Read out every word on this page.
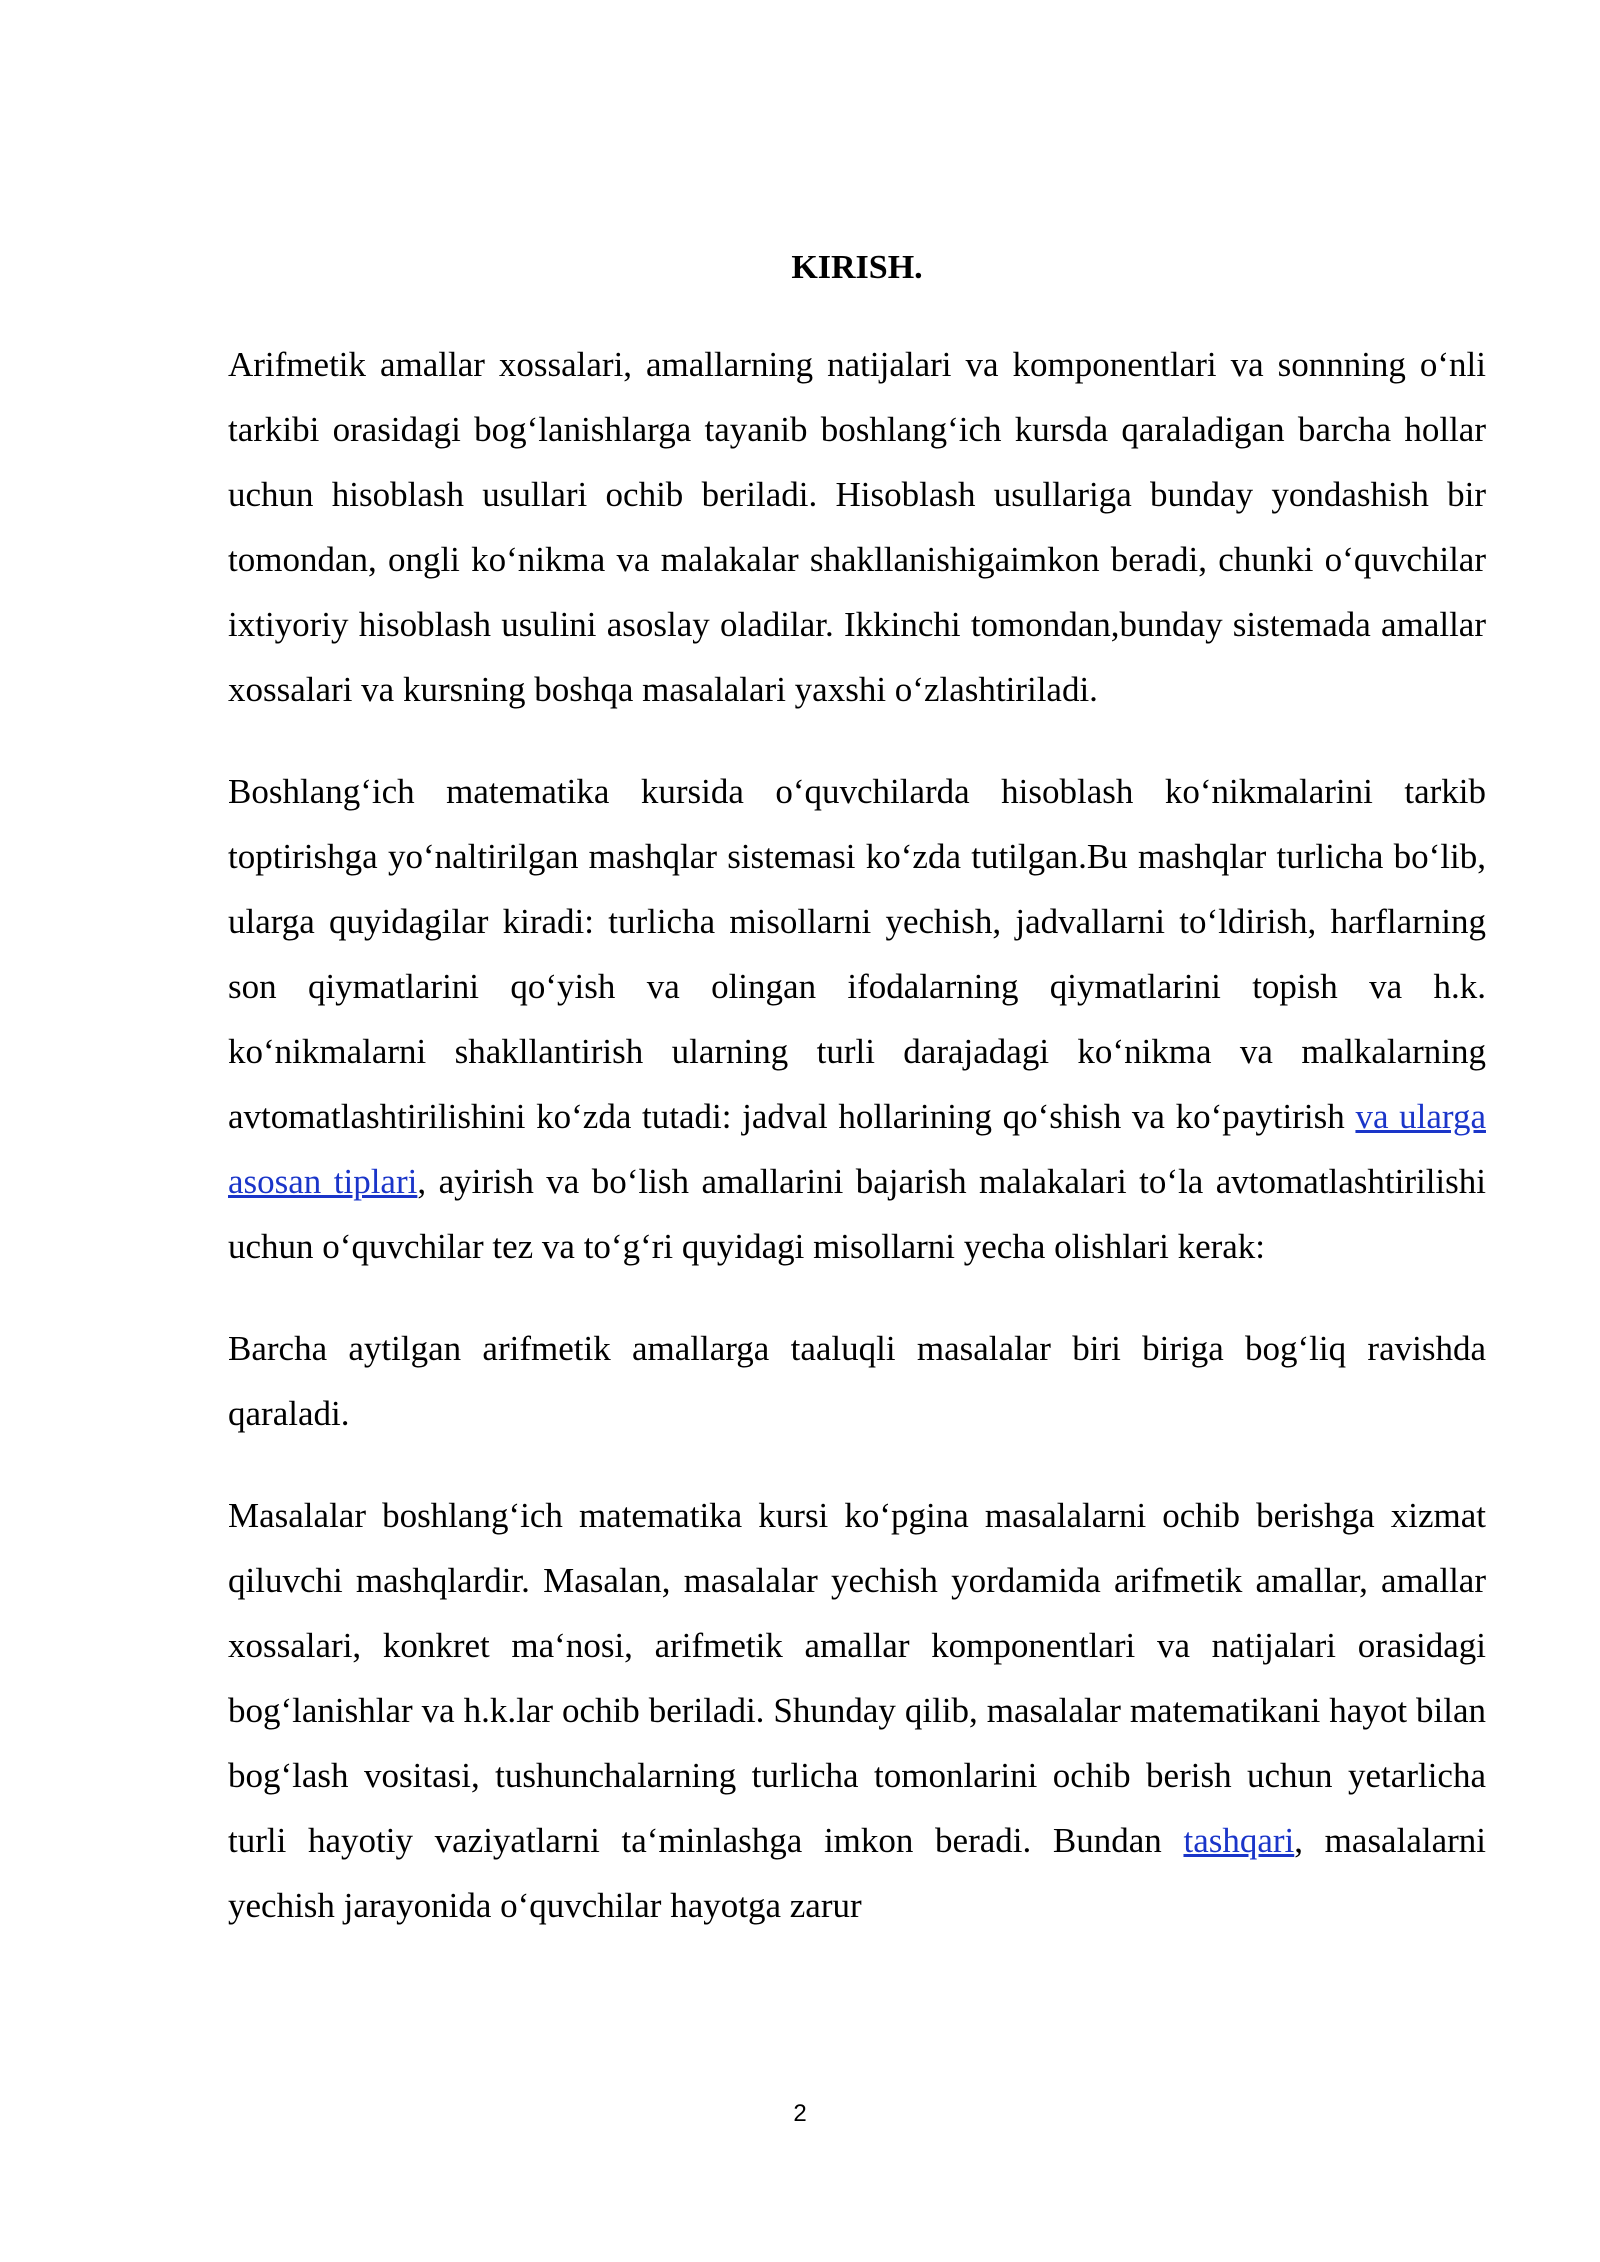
KIRISH.

Arifmetik amallar xossalari, amallarning natijalari va komponentlari va sonnning o‘nli tarkibi orasidagi bog‘lanishlarga tayanib boshlang‘ich kursda qaraladigan barcha hollar uchun hisoblash usullari ochib beriladi. Hisoblash usullariga bunday yondashish bir tomondan, ongli ko‘nikma va malakalar shakllanishigaimkon beradi, chunki o‘quvchilar ixtiyoriy hisoblash usulini asoslay oladilar. Ikkinchi tomondan,bunday sistemada amallar xossalari va kursning boshqa masalalari yaxshi o‘zlashtiriladi.

Boshlang‘ich matematika kursida o‘quvchilarda hisoblash ko‘nikmalarini tarkib toptirishga yo‘naltirilgan mashqlar sistemasi ko‘zda tutilgan.Bu mashqlar turlicha bo‘lib, ularga quyidagilar kiradi: turlicha misollarni yechish, jadvallarni to‘ldirish, harflarning son qiymatlarini qo‘yish va olingan ifodalarning qiymatlarini topish va h.k. ko‘nikmalarni shakllantirish ularning turli darajadagi ko‘nikma va malkalarning avtomatlashtirilishini ko‘zda tutadi: jadval hollarining qo‘shish va ko‘paytirish va ularga asosan tiplari, ayirish va bo‘lish amallarini bajarish malakalari to‘la avtomatlashtirilishi uchun o‘quvchilar tez va to‘g‘ri quyidagi misollarni yecha olishlari kerak:

Barcha aytilgan arifmetik amallarga taaluqli masalalar biri biriga bog‘liq ravishda qaraladi.

Masalalar boshlang‘ich matematika kursi ko‘pgina masalalarni ochib berishga xizmat qiluvchi mashqlardir. Masalan, masalalar yechish yordamida arifmetik amallar, amallar xossalari, konkret ma‘nosi, arifmetik amallar komponentlari va natijalari orasidagi bog‘lanishlar va h.k.lar ochib beriladi. Shunday qilib, masalalar matematikani hayot bilan bog‘lash vositasi, tushunchalarning turlicha tomonlarini ochib berish uchun yetarlicha turli hayotiy vaziyatlarni ta‘minlashga imkon beradi. Bundan tashqari, masalalarni yechish jarayonida o‘quvchilar hayotga zarur

2
